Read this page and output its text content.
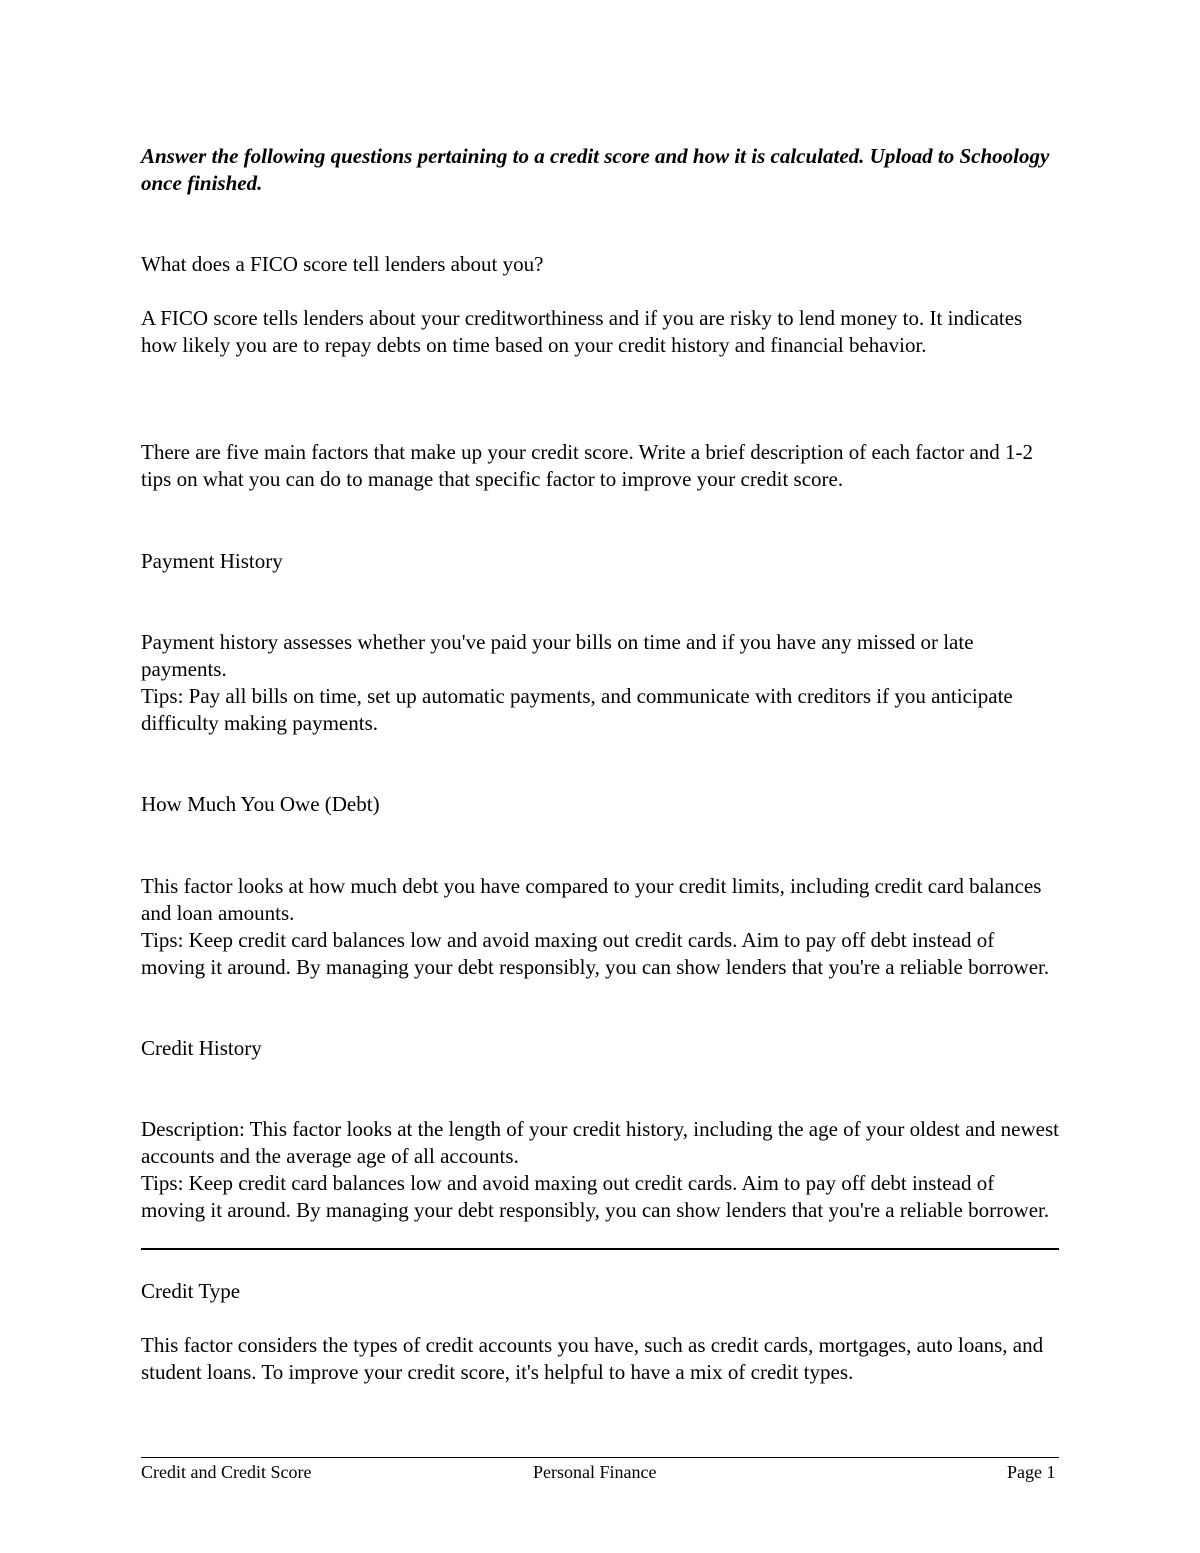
Answer the following questions pertaining to a credit score and how it is calculated. Upload to Schoology once finished.

What does a FICO score tell lenders about you?

A FICO score tells lenders about your creditworthiness and if you are risky to lend money to. It indicates how likely you are to repay debts on time based on your credit history and financial behavior.

There are five main factors that make up your credit score. Write a brief description of each factor and 1-2 tips on what you can do to manage that specific factor to improve your credit score.

Payment History

Payment history assesses whether you've paid your bills on time and if you have any missed or late payments.

Tips: Pay all bills on time, set up automatic payments, and communicate with creditors if you anticipate difficulty making payments.

How Much You Owe (Debt)

This factor looks at how much debt you have compared to your credit limits, including credit card balances and loan amounts.

Tips: Keep credit card balances low and avoid maxing out credit cards. Aim to pay off debt instead of moving it around. By managing your debt responsibly, you can show lenders that you're a reliable borrower.

Credit History

Description: This factor looks at the length of your credit history, including the age of your oldest and newest accounts and the average age of all accounts.

Tips: Keep credit card balances low and avoid maxing out credit cards. Aim to pay off debt instead of moving it around. By managing your debt responsibly, you can show lenders that you're a reliable borrower.

Credit Type

This factor considers the types of credit accounts you have, such as credit cards, mortgages, auto loans, and student loans. To improve your credit score, it's helpful to have a mix of credit types.

Credit and Credit Score	Personal Finance	Page 1
